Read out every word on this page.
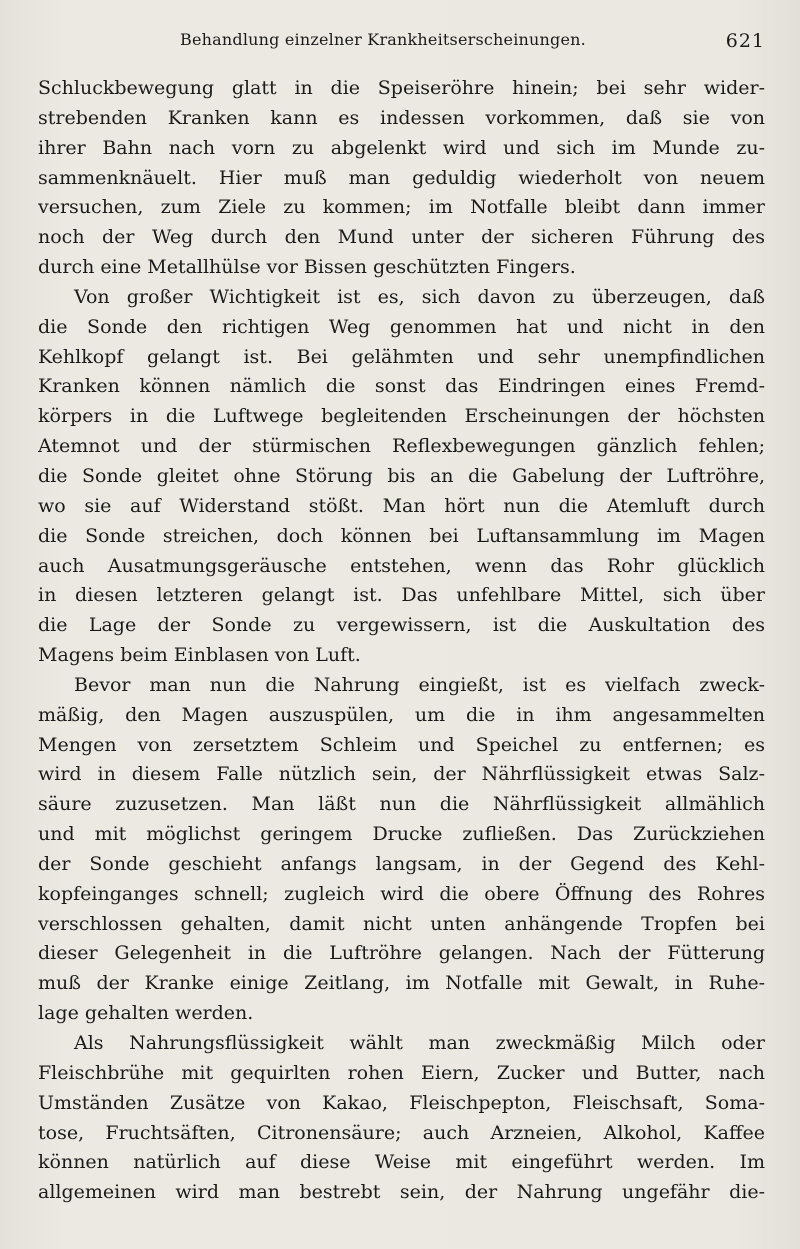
Behandlung einzelner Krankheitserscheinungen.	621
Schluckbewegung glatt in die Speiseröhre hinein; bei sehr wider-
strebenden Kranken kann es indessen vorkommen, daß sie von
ihrer Bahn nach vorn zu abgelenkt wird und sich im Munde zu-
sammenknäuelt. Hier muß man geduldig wiederholt von neuem
versuchen, zum Ziele zu kommen; im Notfalle bleibt dann immer
noch der Weg durch den Mund unter der sicheren Führung des
durch eine Metallhülse vor Bissen geschützten Fingers.
Von großer Wichtigkeit ist es, sich davon zu überzeugen, daß
die Sonde den richtigen Weg genommen hat und nicht in den
Kehlkopf gelangt ist. Bei gelähmten und sehr unempfindlichen
Kranken können nämlich die sonst das Eindringen eines Fremd-
körpers in die Luftwege begleitenden Erscheinungen der höchsten
Atemnot und der stürmischen Reflexbewegungen gänzlich fehlen;
die Sonde gleitet ohne Störung bis an die Gabelung der Luftröhre,
wo sie auf Widerstand stößt. Man hört nun die Atemluft durch
die Sonde streichen, doch können bei Luftansammlung im Magen
auch Ausatmungsgeräusche entstehen, wenn das Rohr glücklich
in diesen letzteren gelangt ist. Das unfehlbare Mittel, sich über
die Lage der Sonde zu vergewissern, ist die Auskultation des
Magens beim Einblasen von Luft.
Bevor man nun die Nahrung eingießt, ist es vielfach zweck-
mäßig, den Magen auszuspülen, um die in ihm angesammelten
Mengen von zersetztem Schleim und Speichel zu entfernen; es
wird in diesem Falle nützlich sein, der Nährflüssigkeit etwas Salz-
säure zuzusetzen. Man läßt nun die Nährflüssigkeit allmählich
und mit möglichst geringem Drucke zufließen. Das Zurückziehen
der Sonde geschieht anfangs langsam, in der Gegend des Kehl-
kopfeinganges schnell; zugleich wird die obere Öffnung des Rohres
verschlossen gehalten, damit nicht unten anhängende Tropfen bei
dieser Gelegenheit in die Luftröhre gelangen. Nach der Fütterung
muß der Kranke einige Zeitlang, im Notfalle mit Gewalt, in Ruhe-
lage gehalten werden.
Als Nahrungsflüssigkeit wählt man zweckmäßig Milch oder
Fleischbrühe mit gequirlten rohen Eiern, Zucker und Butter, nach
Umständen Zusätze von Kakao, Fleischpepton, Fleischsaft, Soma-
tose, Fruchtsäften, Citronensäure; auch Arzneien, Alkohol, Kaffee
können natürlich auf diese Weise mit eingeführt werden. Im
allgemeinen wird man bestrebt sein, der Nahrung ungefähr die-
